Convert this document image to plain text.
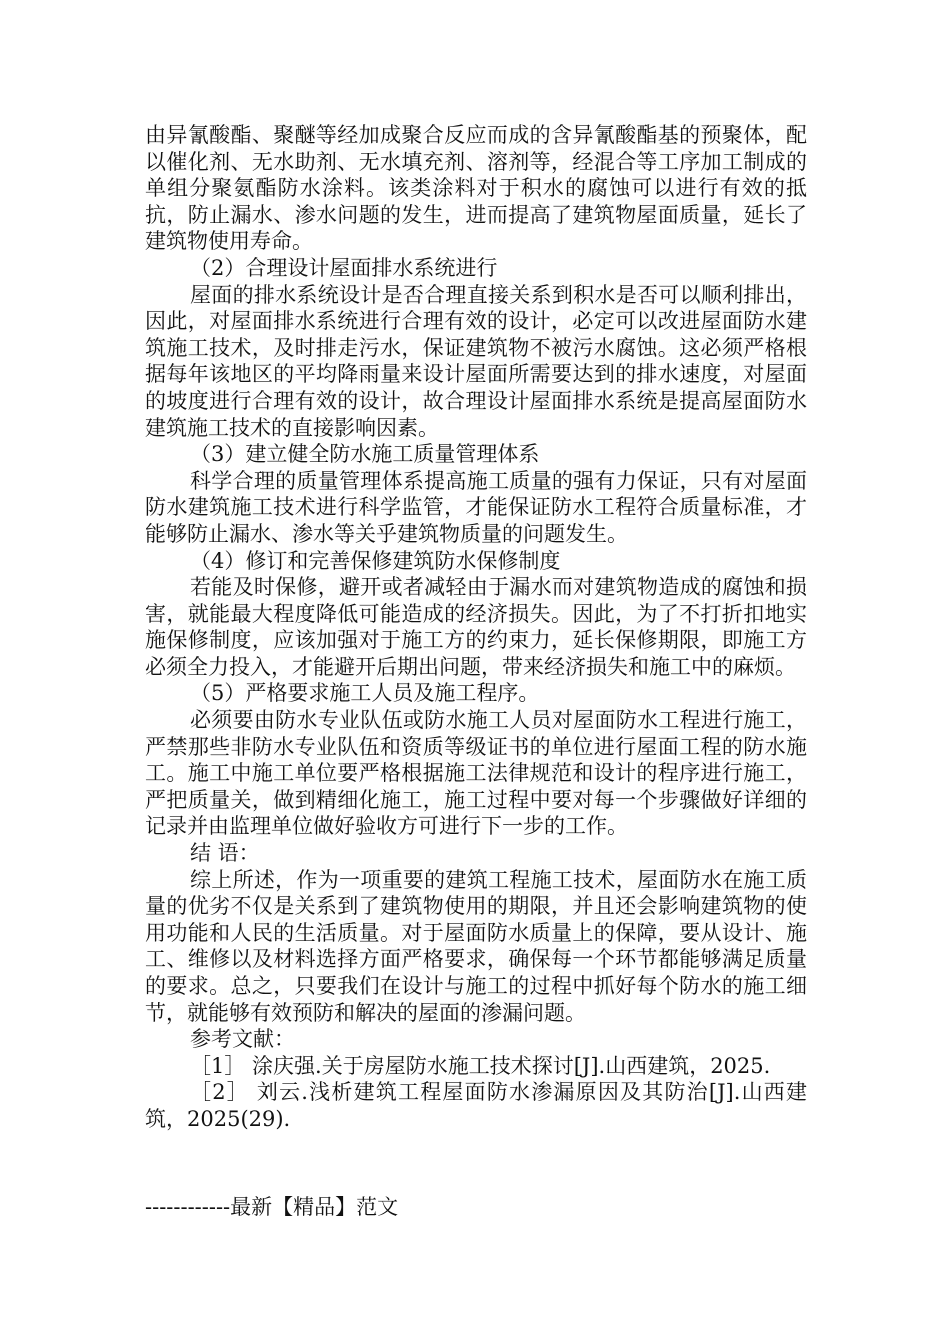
由异氰酸酯、聚醚等经加成聚合反应而成的含异氰酸酯基的预聚体，配以催化剂、无水助剂、无水填充剂、溶剂等，经混合等工序加工制成的单组分聚氨酯防水涂料。该类涂料对于积水的腐蚀可以进行有效的抵抗，防止漏水、渗水问题的发生，进而提高了建筑物屋面质量，延长了建筑物使用寿命。

（2）合理设计屋面排水系统进行

屋面的排水系统设计是否合理直接关系到积水是否可以顺利排出，因此，对屋面排水系统进行合理有效的设计，必定可以改进屋面防水建筑施工技术，及时排走污水，保证建筑物不被污水腐蚀。这必须严格根据每年该地区的平均降雨量来设计屋面所需要达到的排水速度，对屋面的坡度进行合理有效的设计，故合理设计屋面排水系统是提高屋面防水建筑施工技术的直接影响因素。

（3）建立健全防水施工质量管理体系

科学合理的质量管理体系提高施工质量的强有力保证，只有对屋面防水建筑施工技术进行科学监管，才能保证防水工程符合质量标准，才能够防止漏水、渗水等关乎建筑物质量的问题发生。

（4）修订和完善保修建筑防水保修制度

若能及时保修，避开或者减轻由于漏水而对建筑物造成的腐蚀和损害，就能最大程度降低可能造成的经济损失。因此，为了不打折扣地实施保修制度，应该加强对于施工方的约束力，延长保修期限，即施工方必须全力投入，才能避开后期出问题，带来经济损失和施工中的麻烦。

（5）严格要求施工人员及施工程序。

必须要由防水专业队伍或防水施工人员对屋面防水工程进行施工，严禁那些非防水专业队伍和资质等级证书的单位进行屋面工程的防水施工。施工中施工单位要严格根据施工法律规范和设计的程序进行施工，严把质量关，做到精细化施工，施工过程中要对每一个步骤做好详细的记录并由监理单位做好验收方可进行下一步的工作。

结 语：

综上所述，作为一项重要的建筑工程施工技术，屋面防水在施工质量的优劣不仅是关系到了建筑物使用的期限，并且还会影响建筑物的使用功能和人民的生活质量。对于屋面防水质量上的保障，要从设计、施工、维修以及材料选择方面严格要求，确保每一个环节都能够满足质量的要求。总之，只要我们在设计与施工的过程中抓好每个防水的施工细节，就能够有效预防和解决的屋面的渗漏问题。

参考文献：

［1］ 涂庆强.关于房屋防水施工技术探讨[J].山西建筑，2025.

［2］ 刘云.浅析建筑工程屋面防水渗漏原因及其防治[J].山西建筑，2025(29).

------------最新【精品】范文
